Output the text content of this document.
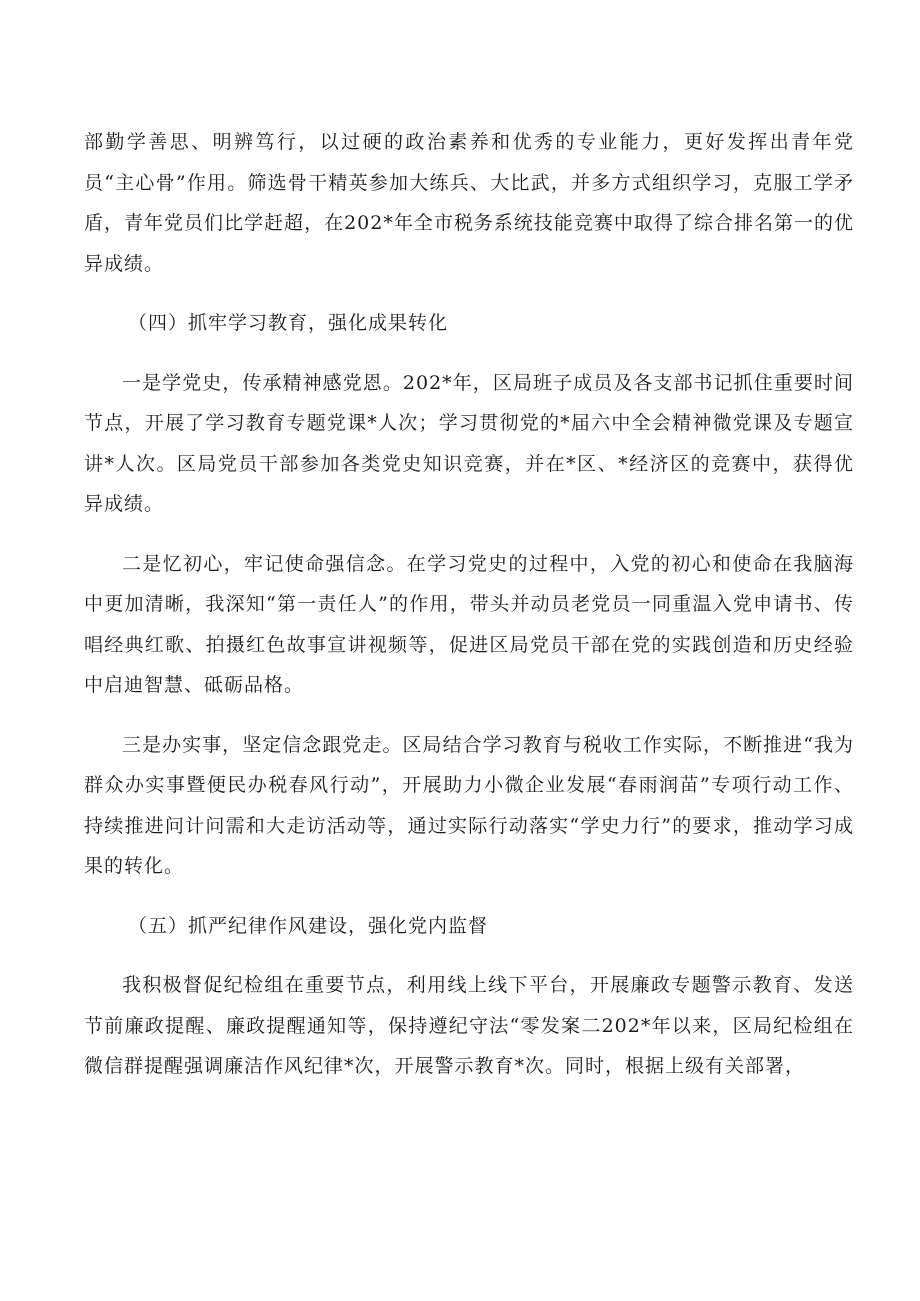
部勤学善思、明辨笃行，以过硬的政治素养和优秀的专业能力，更好发挥出青年党员“主心骨”作用。筛选骨干精英参加大练兵、大比武，并多方式组织学习，克服工学矛盾，青年党员们比学赶超，在202*年全市税务系统技能竞赛中取得了综合排名第一的优异成绩。

（四）抓牢学习教育，强化成果转化

一是学党史，传承精神感党恩。202*年，区局班子成员及各支部书记抓住重要时间节点，开展了学习教育专题党课*人次；学习贯彻党的*届六中全会精神微党课及专题宣讲*人次。区局党员干部参加各类党史知识竞赛，并在*区、*经济区的竞赛中，获得优异成绩。

二是忆初心，牢记使命强信念。在学习党史的过程中，入党的初心和使命在我脑海中更加清晰，我深知“第一责任人”的作用，带头并动员老党员一同重温入党申请书、传唱经典红歌、拍摄红色故事宣讲视频等，促进区局党员干部在党的实践创造和历史经验中启迪智慧、砥砺品格。

三是办实事，坚定信念跟党走。区局结合学习教育与税收工作实际，不断推进“我为群众办实事暨便民办税春风行动”，开展助力小微企业发展“春雨润苗”专项行动工作、持续推进问计问需和大走访活动等，通过实际行动落实“学史力行”的要求，推动学习成果的转化。

（五）抓严纪律作风建设，强化党内监督

我积极督促纪检组在重要节点，利用线上线下平台，开展廉政专题警示教育、发送节前廉政提醒、廉政提醒通知等，保持遵纪守法“零发案二202*年以来，区局纪检组在微信群提醒强调廉洁作风纪律*次，开展警示教育*次。同时，根据上级有关部署，
